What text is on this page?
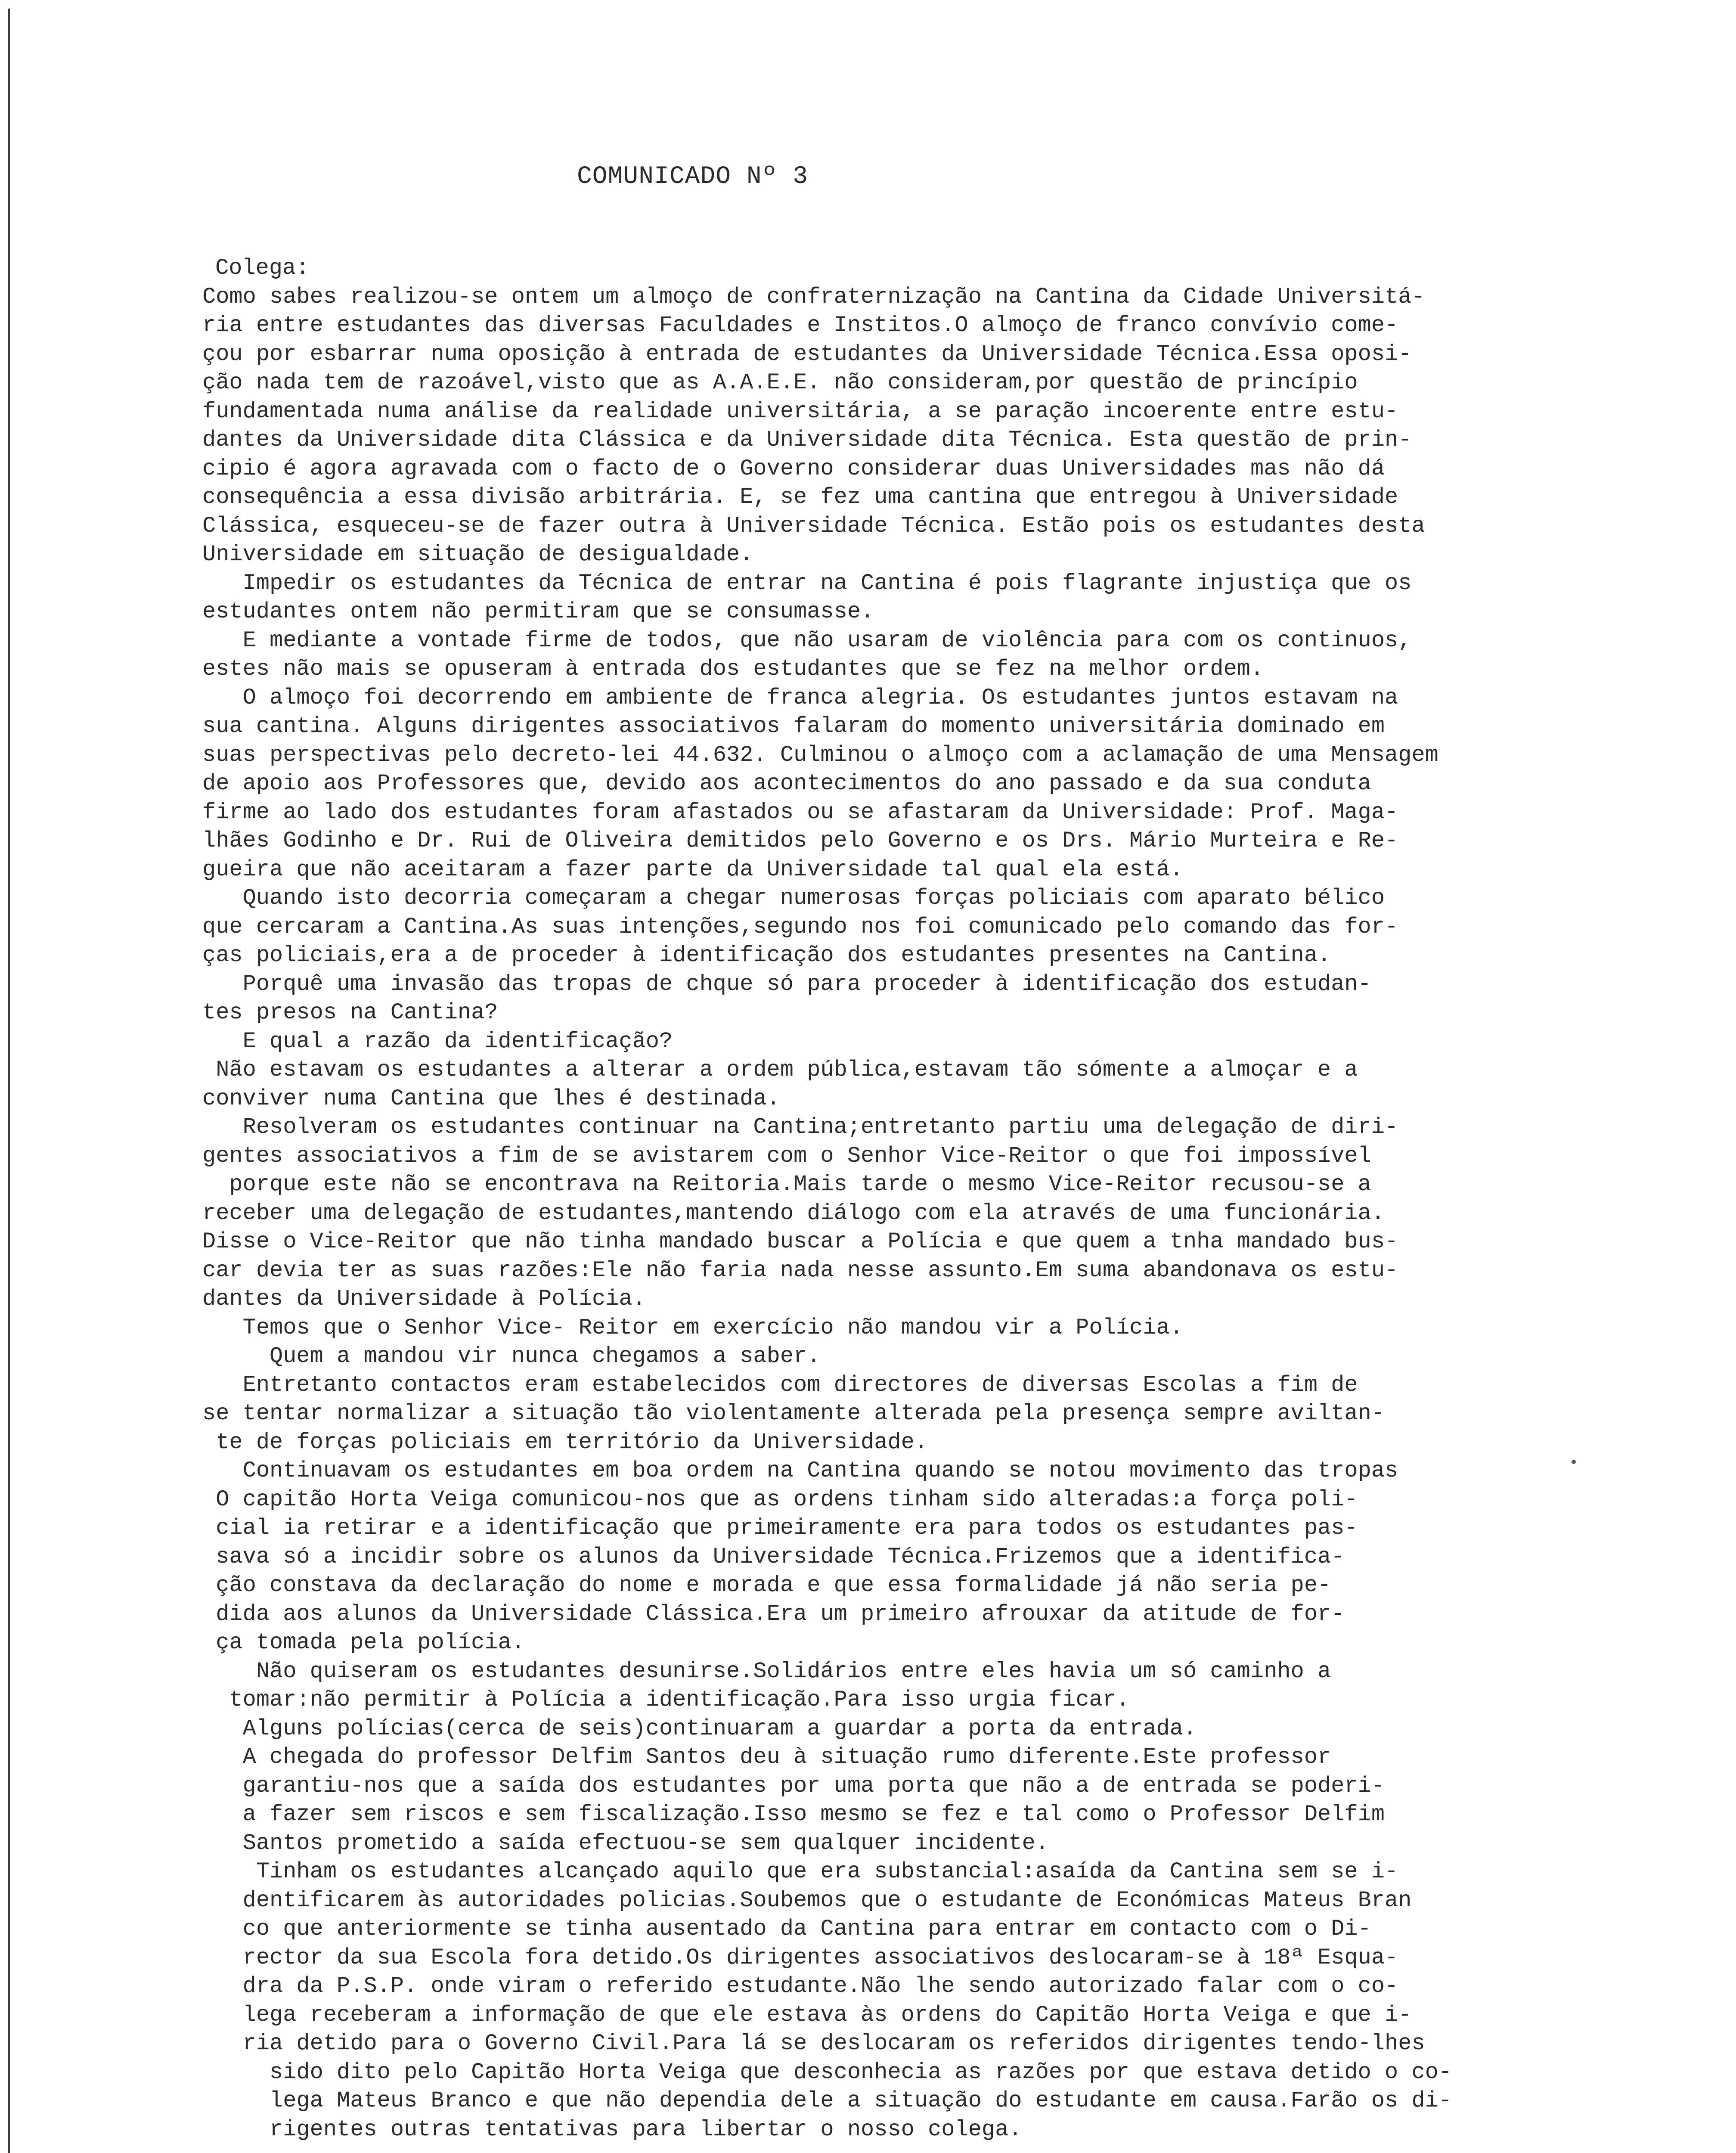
COMUNICADO Nº 3
Colega:
Como sabes realizou-se ontem um almoço de confraternização na Cantina da Cidade Universitá-
ria entre estudantes das diversas Faculdades e Institos.O almoço de franco convívio come-
çou por esbarrar numa oposição à entrada de estudantes da Universidade Técnica.Essa oposi-
ção nada tem de razoável,visto que as A.A.E.E. não consideram,por questão de princípio
fundamentada numa análise da realidade universitária, a se paração incoerente entre estu-
dantes da Universidade dita Clássica e da Universidade dita Técnica. Esta questão de prin-
cipio é agora agravada com o facto de o Governo considerar duas Universidades mas não dá
consequência a essa divisão arbitrária. E, se fez uma cantina que entregou à Universidade
Clássica, esqueceu-se de fazer outra à Universidade Técnica. Estão pois os estudantes desta
Universidade em situação de desigualdade.
Impedir os estudantes da Técnica de entrar na Cantina é pois flagrante injustiça que os
estudantes ontem não permitiram que se consumasse.
E mediante a vontade firme de todos, que não usaram de violência para com os continuos,
estes não mais se opuseram à entrada dos estudantes que se fez na melhor ordem.
O almoço foi decorrendo em ambiente de franca alegria. Os estudantes juntos estavam na
sua cantina. Alguns dirigentes associativos falaram do momento universitária dominado em
suas perspectivas pelo decreto-lei 44.632. Culminou o almoço com a aclamação de uma Mensagem
de apoio aos Professores que, devido aos acontecimentos do ano passado e da sua conduta
firme ao lado dos estudantes foram afastados ou se afastaram da Universidade: Prof. Maga-
lhães Godinho e Dr. Rui de Oliveira demitidos pelo Governo e os Drs. Mário Murteira e Re-
gueira que não aceitaram a fazer parte da Universidade tal qual ela está.
Quando isto decorria começaram a chegar numerosas forças policiais com aparato bélico
que cercaram a Cantina.As suas intenções,segundo nos foi comunicado pelo comando das for-
ças policiais,era a de proceder à identificação dos estudantes presentes na Cantina.
Porquê uma invasão das tropas de chque só para proceder à identificação dos estudan-
tes presos na Cantina?
E qual a razão da identificação?
Não estavam os estudantes a alterar a ordem pública,estavam tão sómente a almoçar e a
conviver numa Cantina que lhes é destinada.
Resolveram os estudantes continuar na Cantina;entretanto partiu uma delegação de diri-
gentes associativos a fim de se avistarem com o Senhor Vice-Reitor o que foi impossível
porque este não se encontrava na Reitoria.Mais tarde o mesmo Vice-Reitor recusou-se a
receber uma delegação de estudantes,mantendo diálogo com ela através de uma funcionária.
Disse o Vice-Reitor que não tinha mandado buscar a Polícia e que quem a tnha mandado bus-
car devia ter as suas razões:Ele não faria nada nesse assunto.Em suma abandonava os estu-
dantes da Universidade à Polícia.
Temos que o Senhor Vice- Reitor em exercício não mandou vir a Polícia.
Quem a mandou vir nunca chegamos a saber.
Entretanto contactos eram estabelecidos com directores de diversas Escolas a fim de
se tentar normalizar a situação tão violentamente alterada pela presença sempre aviltan-
te de forças policiais em território da Universidade.
Continuavam os estudantes em boa ordem na Cantina quando se notou movimento das tropas
O capitão Horta Veiga comunicou-nos que as ordens tinham sido alteradas:a força poli-
cial ia retirar e a identificação que primeiramente era para todos os estudantes pas-
sava só a incidir sobre os alunos da Universidade Técnica.Frizemos que a identifica-
ção constava da declaração do nome e morada e que essa formalidade já não seria pe-
dida aos alunos da Universidade Clássica.Era um primeiro afrouxar da atitude de for-
ça tomada pela polícia.
Não quiseram os estudantes desunirse.Solidários entre eles havia um só caminho a
tomar:não permitir à Polícia a identificação.Para isso urgia ficar.
Alguns polícias(cerca de seis)continuaram a guardar a porta da entrada.
A chegada do professor Delfim Santos deu à situação rumo diferente.Este professor
garantiu-nos que a saída dos estudantes por uma porta que não a de entrada se poderi-
a fazer sem riscos e sem fiscalização.Isso mesmo se fez e tal como o Professor Delfim
Santos prometido a saída efectuou-se sem qualquer incidente.
Tinham os estudantes alcançado aquilo que era substancial:asaída da Cantina sem se i-
dentificarem às autoridades policias.Soubemos que o estudante de Económicas Mateus Bran
co que anteriormente se tinha ausentado da Cantina para entrar em contacto com o Di-
rector da sua Escola fora detido.Os dirigentes associativos deslocaram-se à 18ª Esqua-
dra da P.S.P. onde viram o referido estudante.Não lhe sendo autorizado falar com o co-
lega receberam a informação de que ele estava às ordens do Capitão Horta Veiga e que i-
ria detido para o Governo Civil.Para lá se deslocaram os referidos dirigentes tendo-lhes
sido dito pelo Capitão Horta Veiga que desconhecia as razões por que estava detido o co-
lega Mateus Branco e que não dependia dele a situação do estudante em causa.Farão os di-
rigentes outras tentativas para libertar o nosso colega.
